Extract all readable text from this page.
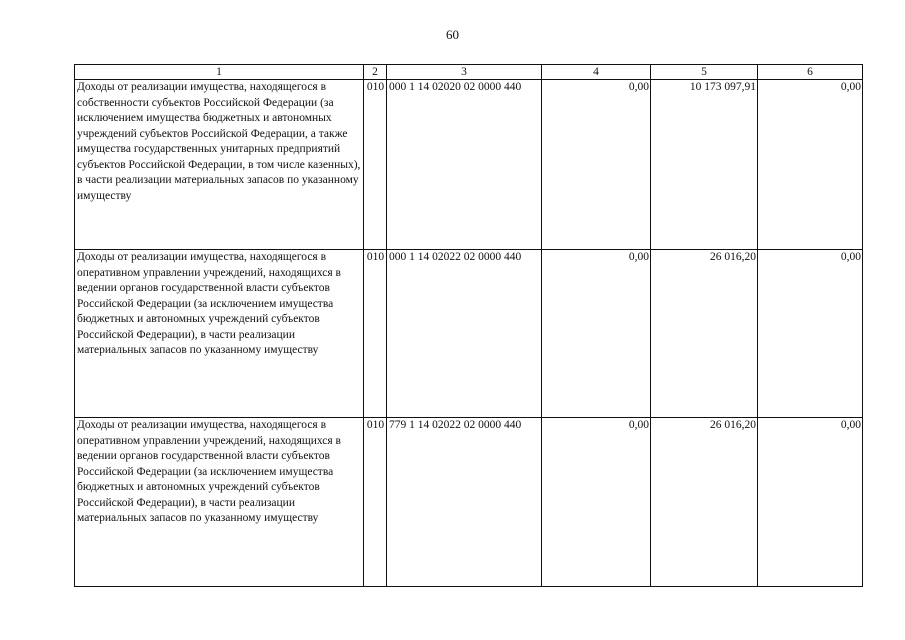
60
1	2	3	4	5	6
Доходы от реализации имущества, находящегося в собственности субъектов Российской Федерации (за исключением имущества бюджетных и автономных учреждений субъектов Российской Федерации, а также имущества государственных унитарных предприятий субъектов Российской Федерации, в том числе казенных), в части реализации материальных запасов по указанному имуществу	010	000 1 14 02020 02 0000 440	0,00	10 173 097,91	0,00
Доходы от реализации имущества, находящегося в оперативном управлении учреждений, находящихся в ведении органов государственной власти субъектов Российской Федерации (за исключением имущества бюджетных и автономных учреждений субъектов Российской Федерации), в части реализации материальных запасов по указанному имуществу	010	000 1 14 02022 02 0000 440	0,00	26 016,20	0,00
Доходы от реализации имущества, находящегося в оперативном управлении учреждений, находящихся в ведении органов государственной власти субъектов Российской Федерации (за исключением имущества бюджетных и автономных учреждений субъектов Российской Федерации), в части реализации материальных запасов по указанному имуществу	010	779 1 14 02022 02 0000 440	0,00	26 016,20	0,00
